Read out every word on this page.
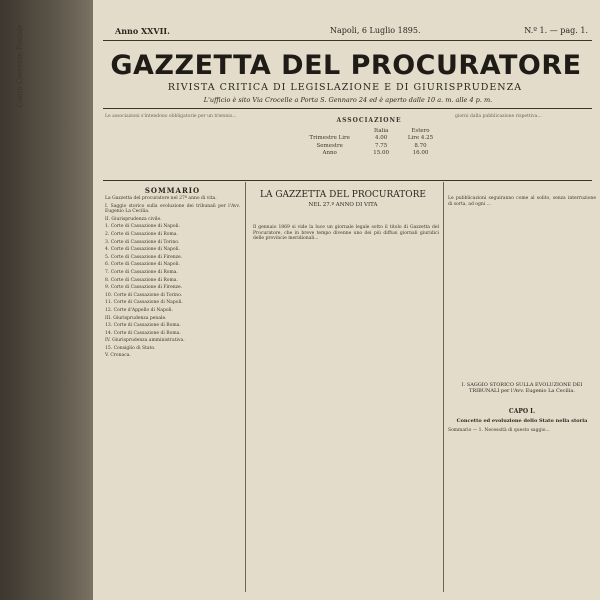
Conto Corrente Postale	Anno XXVII.	Napoli, 6 Luglio 1895.	N.º 1. — pag. 1.
GAZZETTA DEL PROCURATORE
RIVISTA CRITICA DI LEGISLAZIONE E DI GIURISPRUDENZA
L'ufficio è sito Via Crocelle a Porta S. Gennaro 24 ed è aperto dalle 10 a. m. alle 4 p. m.

Le associazioni s'intendono obbligatorie per un triennio...

ASSOCIAZIONE
	Italia	Estero
Trimestre Lire	4.00	Lire 4.25
Semestre	7.75	8.70
Anno	15.00	16.00

giorni dalla pubblicazione rispettiva...

SOMMARIO

La Gazzetta del procuratore nel 27º anno di vita.

I. Saggio storico sulla evoluzione dei tribunali per l'Avv. Eugenio La Cecilia.

II. Giurisprudenza civile.

1. Corte di Cassazione di Napoli.

2. Corte di Cassazione di Roma.

3. Corte di Cassazione di Torino.

4. Corte di Cassazione di Napoli.

5. Corte di Cassazione di Firenze.

6. Corte di Cassazione di Napoli.

7. Corte di Cassazione di Roma.

8. Corte di Cassazione di Roma.

9. Corte di Cassazione di Firenze.

10. Corte di Cassazione di Torino.

11. Corte di Cassazione di Napoli.

12. Corte d'Appello di Napoli.

III. Giurisprudenza penale.

13. Corte di Cassazione di Roma.

14. Corte di Cassazione di Roma.

IV. Giurisprudenza amministrativa.

15. Consiglio di Stato.

V. Cronaca.

LA GAZZETTA DEL PROCURATORE
NEL 27.º ANNO DI VITA

Il gennaio 1869 si vide la luce un giornale legale sotto il titolo di Gazzetta del Procuratore, che in breve tempo divenne uno dei più diffusi giornali giuridici delle provincie meridionali...

Le pubblicazioni seguiranno come al solito, senza interruzione di sorta, ad ogni ...

I. SAGGIO STORICO SULLA EVOLUZIONE DEI TRIBUNALI per l'Avv. Eugenio La Cecilia.
CAPO I.
Concetto ed evoluzione dello Stato nella storia

Sommario — 1. Necessità di questo saggio...
